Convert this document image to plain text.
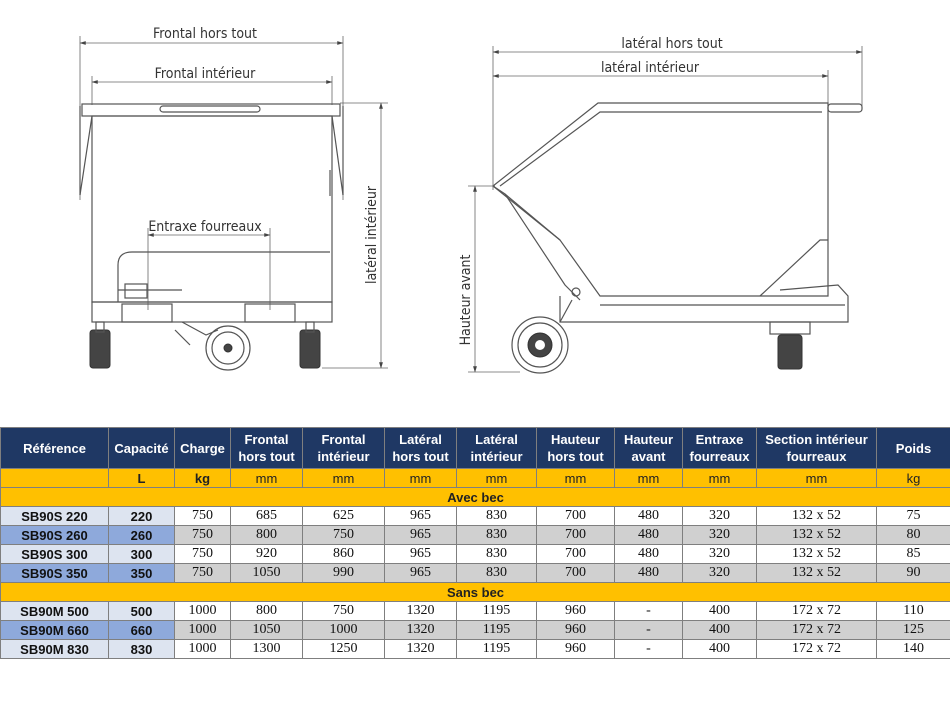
Frontal hors tout
Frontal intérieur
Entraxe fourreaux	latéral intérieur
latéral hors tout
latéral intérieur
Hauteur avant
Référence	Capacité	Charge	Frontal hors tout	Frontal intérieur	Latéral hors tout	Latéral intérieur	Hauteur hors tout	Hauteur avant	Entraxe fourreaux	Section intérieur fourreaux	Poids
	L	kg	mm	mm	mm	mm	mm	mm	mm	mm	kg
Avec bec											
SB90S 220	220	750	685	625	965	830	700	480	320	132 x 52	75
SB90S 260	260	750	800	750	965	830	700	480	320	132 x 52	80
SB90S 300	300	750	920	860	965	830	700	480	320	132 x 52	85
SB90S 350	350	750	1050	990	965	830	700	480	320	132 x 52	90
Sans bec											
SB90M 500	500	1000	800	750	1320	1195	960	-	400	172 x 72	110
SB90M 660	660	1000	1050	1000	1320	1195	960	-	400	172 x 72	125
SB90M 830	830	1000	1300	1250	1320	1195	960	-	400	172 x 72	140
